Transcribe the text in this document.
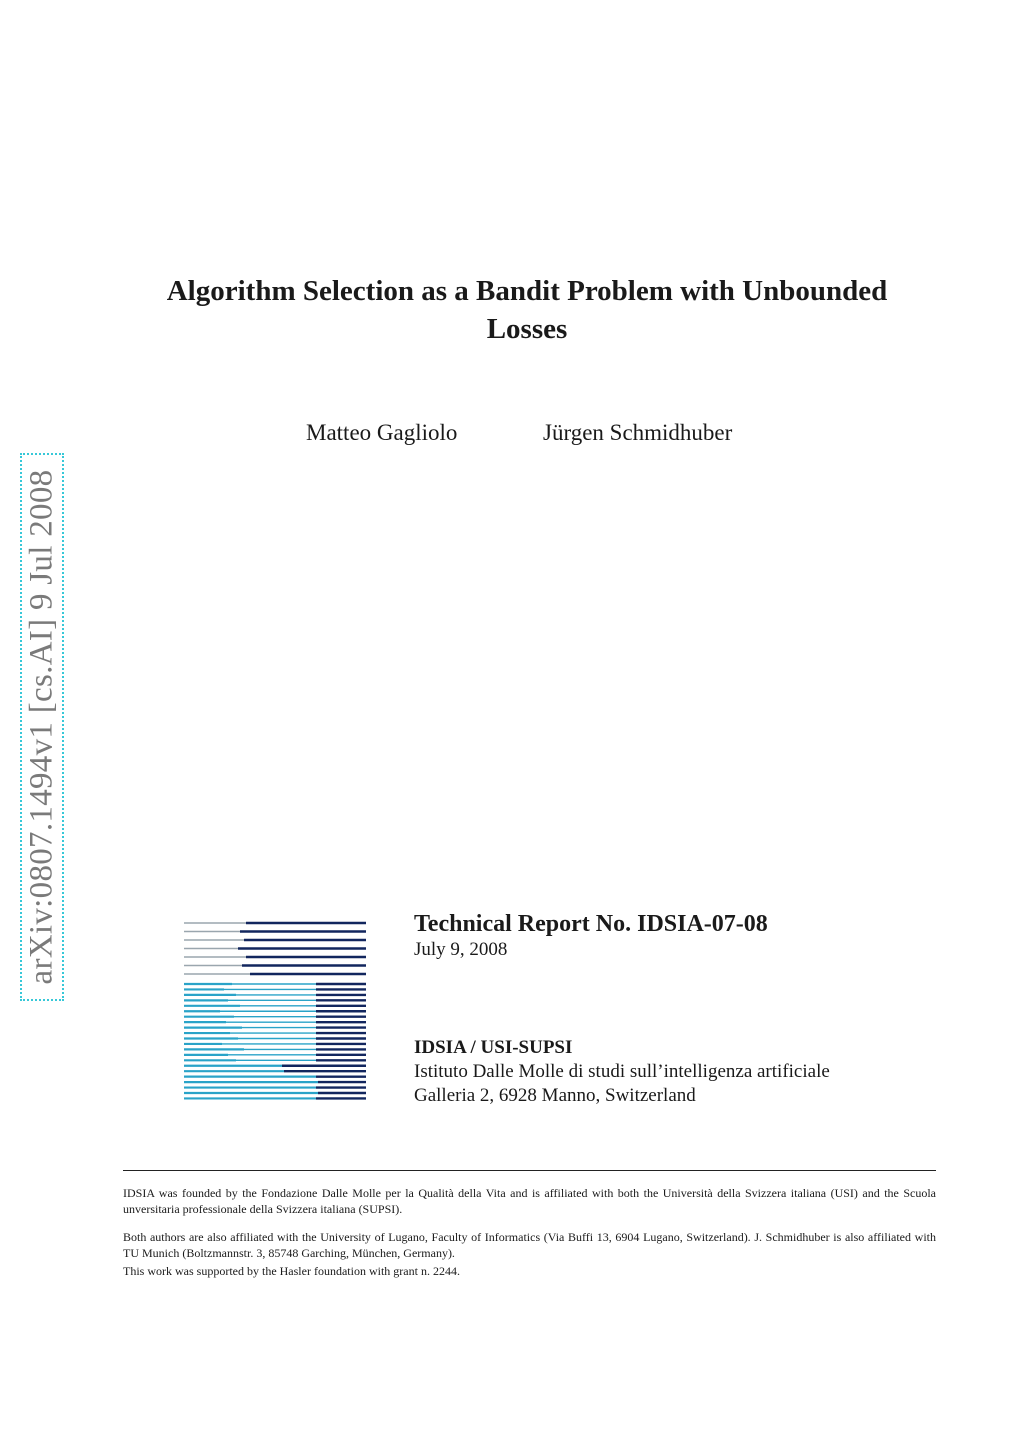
Algorithm Selection as a Bandit Problem with Unbounded
Losses
Matteo Gagliolo	Jürgen Schmidhuber
arXiv:0807.1494v1 [cs.AI] 9 Jul 2008	Technical Report No. IDSIA-07-08
July 9, 2008
IDSIA / USI-SUPSI
Istituto Dalle Molle di studi sull’intelligenza artificiale
Galleria 2, 6928 Manno, Switzerland

IDSIA was founded by the Fondazione Dalle Molle per la Qualità della Vita and is affiliated with both the Università della Svizzera italiana (USI) and the Scuola unversitaria professionale della Svizzera italiana (SUPSI).

Both authors are also affiliated with the University of Lugano, Faculty of Informatics (Via Buffi 13, 6904 Lugano, Switzerland). J. Schmidhuber is also affiliated with TU Munich (Boltzmannstr. 3, 85748 Garching, München, Germany).

This work was supported by the Hasler foundation with grant n. 2244.
